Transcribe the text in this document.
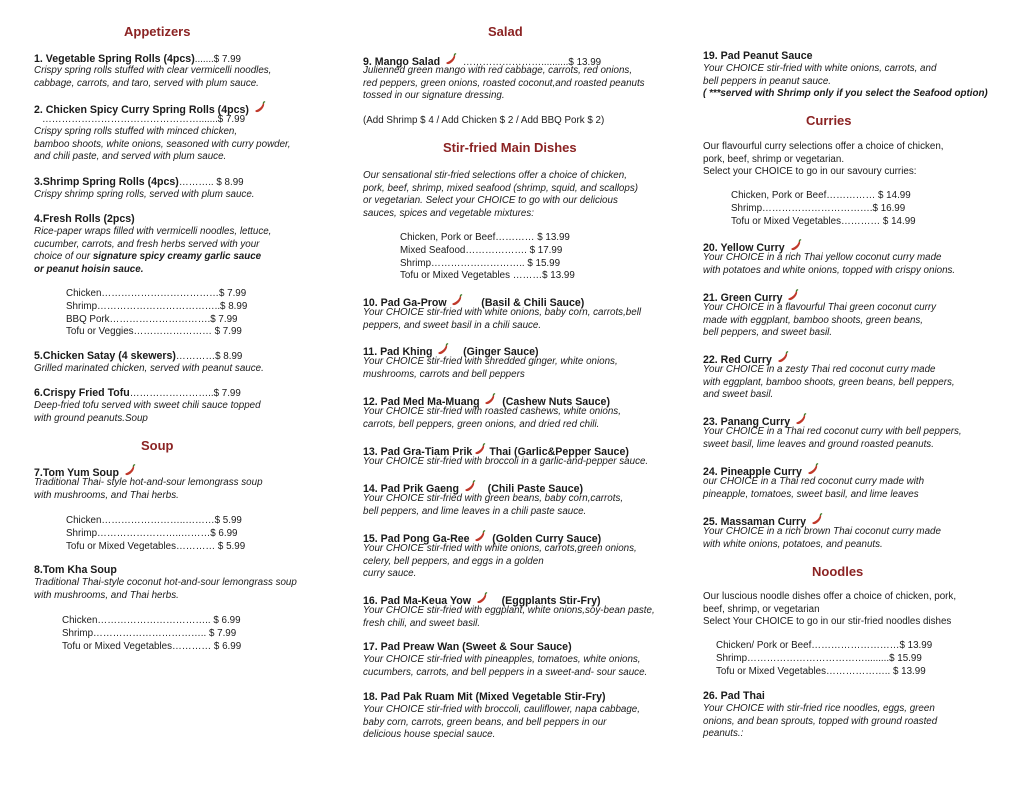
Appetizers
1. Vegetable Spring Rolls (4pcs).......$ 7.99
Crispy spring rolls stuffed with clear vermicelli noodles,
cabbage, carrots, and taro, served with plum sauce.
2. Chicken Spicy Curry Spring Rolls (4pcs)
………………………………………….......$ 7.99
Crispy spring rolls stuffed with minced chicken,
bamboo shoots, white onions, seasoned with curry powder,
and chili paste, and served with plum sauce.
3.Shrimp Spring Rolls (4pcs)……….. $ 8.99
Crispy shrimp spring rolls, served with plum sauce.
4.Fresh Rolls (2pcs)
Rice-paper wraps filled with vermicelli noodles, lettuce,
cucumber, carrots, and fresh herbs served with your
choice of our signature spicy creamy garlic sauce
or peanut hoisin sauce.
Chicken………………………………$ 7.99
Shrimp………………………………..$ 8.99
BBQ Pork………………………….$ 7.99
Tofu or Veggies…………………… $ 7.99
5.Chicken Satay (4 skewers)…………$ 8.99
Grilled marinated chicken, served with peanut sauce.
6.Crispy Fried Tofu……………………..$ 7.99
Deep-fried tofu served with sweet chili sauce topped
with ground peanuts.Soup
Soup
7.Tom Yum Soup
Traditional Thai- style hot-and-sour lemongrass soup
with mushrooms, and Thai herbs.
Chicken……………………..………$ 5.99
Shrimp……………………..………$ 6.99
Tofu or Mixed Vegetables………… $ 5.99
8.Tom Kha Soup
Traditional Thai-style coconut hot-and-sour lemongrass soup
with mushrooms, and Thai herbs.
Chicken…………………………….. $ 6.99
Shrimp…………………………….. $ 7.99
Tofu or Mixed Vegetables………… $ 6.99
Salad
9. Mango Salad ……………………..........$ 13.99
Julienned green mango with red cabbage, carrots, red onions,
red peppers, green onions, roasted coconut,and roasted peanuts
tossed in our signature dressing.
(Add Shrimp $ 4 / Add Chicken $ 2 / Add BBQ Pork $ 2)
Stir-fried Main Dishes
Our sensational stir-fried selections offer a choice of chicken,
pork, beef, shrimp, mixed seafood (shrimp, squid, and scallops)
or vegetarian. Select your CHOICE to go with our delicious
sauces, spices and vegetable mixtures:
Chicken, Pork or Beef………… $ 13.99
Mixed Seafood………………. $ 17.99
Shrimp……………………….. $ 15.99
Tofu or Mixed Vegetables ………$ 13.99
10. Pad Ga-Prow	(Basil & Chili Sauce)
Your CHOICE stir-fried with white onions, baby corn, carrots,bell
peppers, and sweet basil in a chili sauce.
11. Pad Khing	(Ginger Sauce)
Your CHOICE stir-fried with shredded ginger, white onions,
mushrooms, carrots and bell peppers
12. Pad Med Ma-Muang (Cashew Nuts Sauce)
Your CHOICE stir-fried with roasted cashews, white onions,
carrots, bell peppers, green onions, and dried red chili.
13. Pad Gra-Tiam Prik Thai (Garlic&Pepper Sauce)
Your CHOICE stir-fried with broccoli in a garlic-and-pepper sauce.
14. Pad Prik Gaeng	(Chili Paste Sauce)
Your CHOICE stir-fried with green beans, baby corn,carrots,
bell peppers, and lime leaves in a chili paste sauce.
15. Pad Pong Ga-Ree (Golden Curry Sauce)
Your CHOICE stir-fried with white onions, carrots,green onions,
celery, bell peppers, and eggs in a golden
curry sauce.
16. Pad Ma-Keua Yow	(Eggplants Stir-Fry)
Your CHOICE stir-fried with eggplant, white onions,soy-bean paste,
fresh chili, and sweet basil.
17. Pad Preaw Wan (Sweet & Sour Sauce)
Your CHOICE stir-fried with pineapples, tomatoes, white onions,
cucumbers, carrots, and bell peppers in a sweet-and- sour sauce.
18. Pad Pak Ruam Mit (Mixed Vegetable Stir-Fry)
Your CHOICE stir-fried with broccoli, cauliflower, napa cabbage,
baby corn, carrots, green beans, and bell peppers in our
delicious house special sauce.
19. Pad Peanut Sauce
Your CHOICE stir-fried with white onions, carrots, and
bell peppers in peanut sauce.
( ***served with Shrimp only if you select the Seafood option)
Curries
Our flavourful curry selections offer a choice of chicken,
pork, beef, shrimp or vegetarian.
Select your CHOICE to go in our savoury curries:
Chicken, Pork or Beef…………… $ 14.99
Shrimp…………………………….$ 16.99
Tofu or Mixed Vegetables………… $ 14.99
20. Yellow Curry
Your CHOICE in a rich Thai yellow coconut curry made
with potatoes and white onions, topped with crispy onions.
21. Green Curry
Your CHOICE in a flavourful Thai green coconut curry
made with eggplant, bamboo shoots, green beans,
bell peppers, and sweet basil.
22. Red Curry
Your CHOICE in a zesty Thai red coconut curry made
with eggplant, bamboo shoots, green beans, bell peppers,
and sweet basil.
23. Panang Curry
Your CHOICE in a Thai red coconut curry with bell peppers,
sweet basil, lime leaves and ground roasted peanuts.
24. Pineapple Curry
our CHOICE in a Thai red coconut curry made with
pineapple, tomatoes, sweet basil, and lime leaves
25. Massaman Curry
Your CHOICE in a rich brown Thai coconut curry made
with white onions, potatoes, and peanuts.
Noodles
Our luscious noodle dishes offer a choice of chicken, pork,
beef, shrimp, or vegetarian
Select Your CHOICE to go in our stir-fried noodles dishes
Chicken/ Pork or Beef………………………$ 13.99
Shrimp……………………………….........$ 15.99
Tofu or Mixed Vegetables……………….. $ 13.99
26. Pad Thai
Your CHOICE with stir-fried rice noodles, eggs, green
onions, and bean sprouts, topped with ground roasted
peanuts.:
